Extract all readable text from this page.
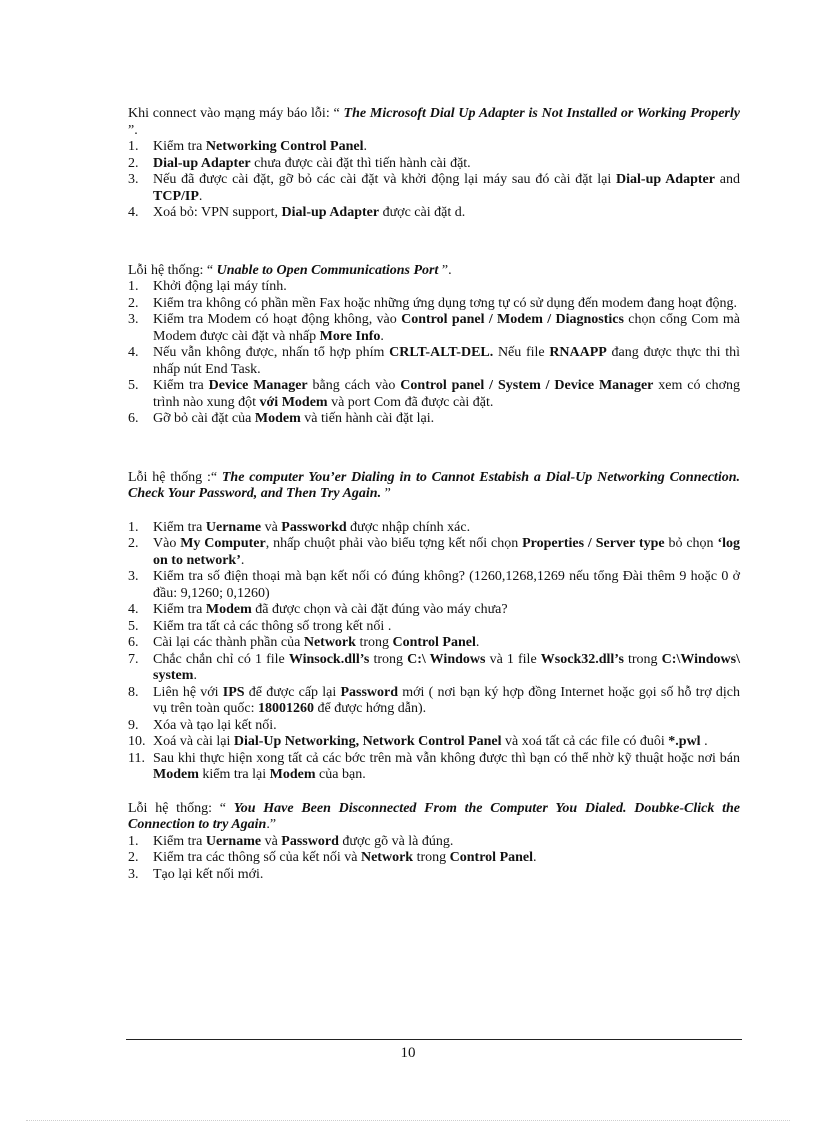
Khi connect vào mạng máy báo lỗi: “ The Microsoft Dial Up Adapter is Not Installed or Working Properly ”.

1. Kiểm tra Networking Control Panel.
2. Dial-up Adapter chưa được cài đặt thì tiến hành cài đặt.
3. Nếu đã được cài đặt, gỡ bỏ các cài đặt và khởi động lại máy sau đó cài đặt lại Dial-up Adapter and TCP/IP.
4. Xoá bỏ: VPN support, Dial-up Adapter được cài đặt d.

Lỗi hệ thống: “ Unable to Open Communications Port ”.

1. Khởi động lại máy tính.
2. Kiểm tra không có phần mền Fax hoặc những ứng dụng tơng tự có sử dụng đến modem đang hoạt động.
3. Kiểm tra Modem có hoạt động không, vào Control panel / Modem / Diagnostics chọn cổng Com mà Modem được cài đặt và nhấp More Info.
4. Nếu vẫn không được, nhấn tổ hợp phím CRLT-ALT-DEL. Nếu file RNAAPP đang được thực thi thì nhấp nút End Task.
5. Kiểm tra Device Manager bằng cách vào Control panel / System / Device Manager xem có chơng trình nào xung đột với Modem và port Com đã được cài đặt.
6. Gỡ bỏ cài đặt của Modem và tiến hành cài đặt lại.

Lỗi hệ thống :“ The computer You’er Dialing in to Cannot Estabish a Dial-Up Networking Connection. Check Your Password, and Then Try Again. ”

1. Kiểm tra Uername và Passworkd được nhập chính xác.
2. Vào My Computer, nhấp chuột phải vào biểu tợng kết nối chọn Properties / Server type bỏ chọn ‘log on to network’.
3. Kiểm tra số điện thoại mà bạn kết nối có đúng không? (1260,1268,1269 nếu tổng Đài thêm 9 hoặc 0 ở đầu: 9,1260; 0,1260)
4. Kiểm tra Modem đã được chọn và cài đặt đúng vào máy chưa?
5. Kiểm tra tất cả các thông số trong kết nối .
6. Cài lại các thành phần của Network trong Control Panel.
7. Chắc chắn chỉ có 1 file Winsock.dll’s trong C:\ Windows và 1 file Wsock32.dll’s trong C:\Windows\ system.
8. Liên hệ với IPS để được cấp lại Password mới ( nơi bạn ký hợp đồng Internet hoặc gọi số hỗ trợ dịch vụ trên toàn quốc: 18001260 để được hớng dẫn).
9. Xóa và tạo lại kết nối.
10. Xoá và cài lại Dial-Up Networking, Network Control Panel và xoá tất cả các file có đuôi *.pwl .
11. Sau khi thực hiện xong tất cả các bớc trên mà vẫn không được thì bạn có thể nhờ kỹ thuật hoặc nơi bán Modem kiểm tra lại Modem của bạn.

Lỗi hệ thống: “ You Have Been Disconnected From the Computer You Dialed. Doubke-Click the Connection to try Again.”

1. Kiểm tra Uername và Password được gõ và là đúng.
2. Kiểm tra các thông số của kết nối và Network trong Control Panel.
3. Tạo lại kết nối mới.
10
